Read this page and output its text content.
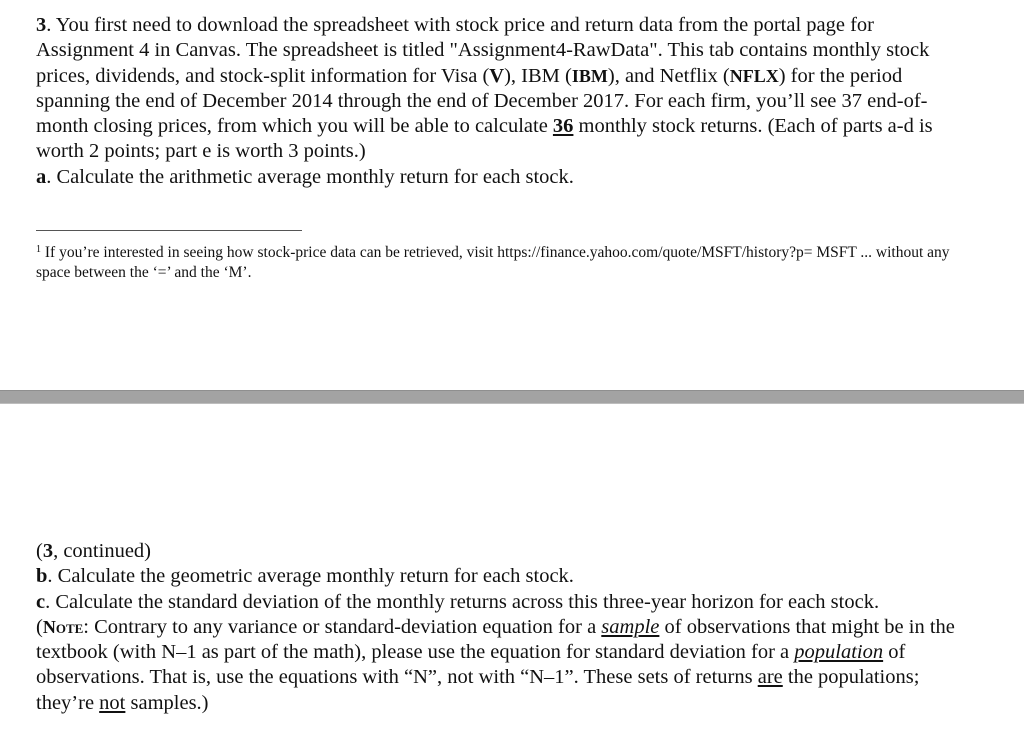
3. You first need to download the spreadsheet with stock price and return data from the portal page for Assignment 4 in Canvas. The spreadsheet is titled "Assignment4-RawData". This tab contains monthly stock prices, dividends, and stock-split information for Visa (V), IBM (IBM), and Netflix (NFLX) for the period spanning the end of December 2014 through the end of December 2017. For each firm, you’ll see 37 end-of-month closing prices, from which you will be able to calculate 36 monthly stock returns. (Each of parts a-d is worth 2 points; part e is worth 3 points.)

a. Calculate the arithmetic average monthly return for each stock.

$^1$ If you’re interested in seeing how stock-price data can be retrieved, visit https://finance.yahoo.com/quote/MSFT/history?p= MSFT ... without any space between the ‘=’ and the ‘M’.

(3, continued)

b. Calculate the geometric average monthly return for each stock.

c. Calculate the standard deviation of the monthly returns across this three-year horizon for each stock.

(Note: Contrary to any variance or standard-deviation equation for a sample of observations that might be in the textbook (with N–1 as part of the math), please use the equation for standard deviation for a population of observations. That is, use the equations with “N”, not with “N–1”. These sets of returns are the populations; they’re not samples.)
